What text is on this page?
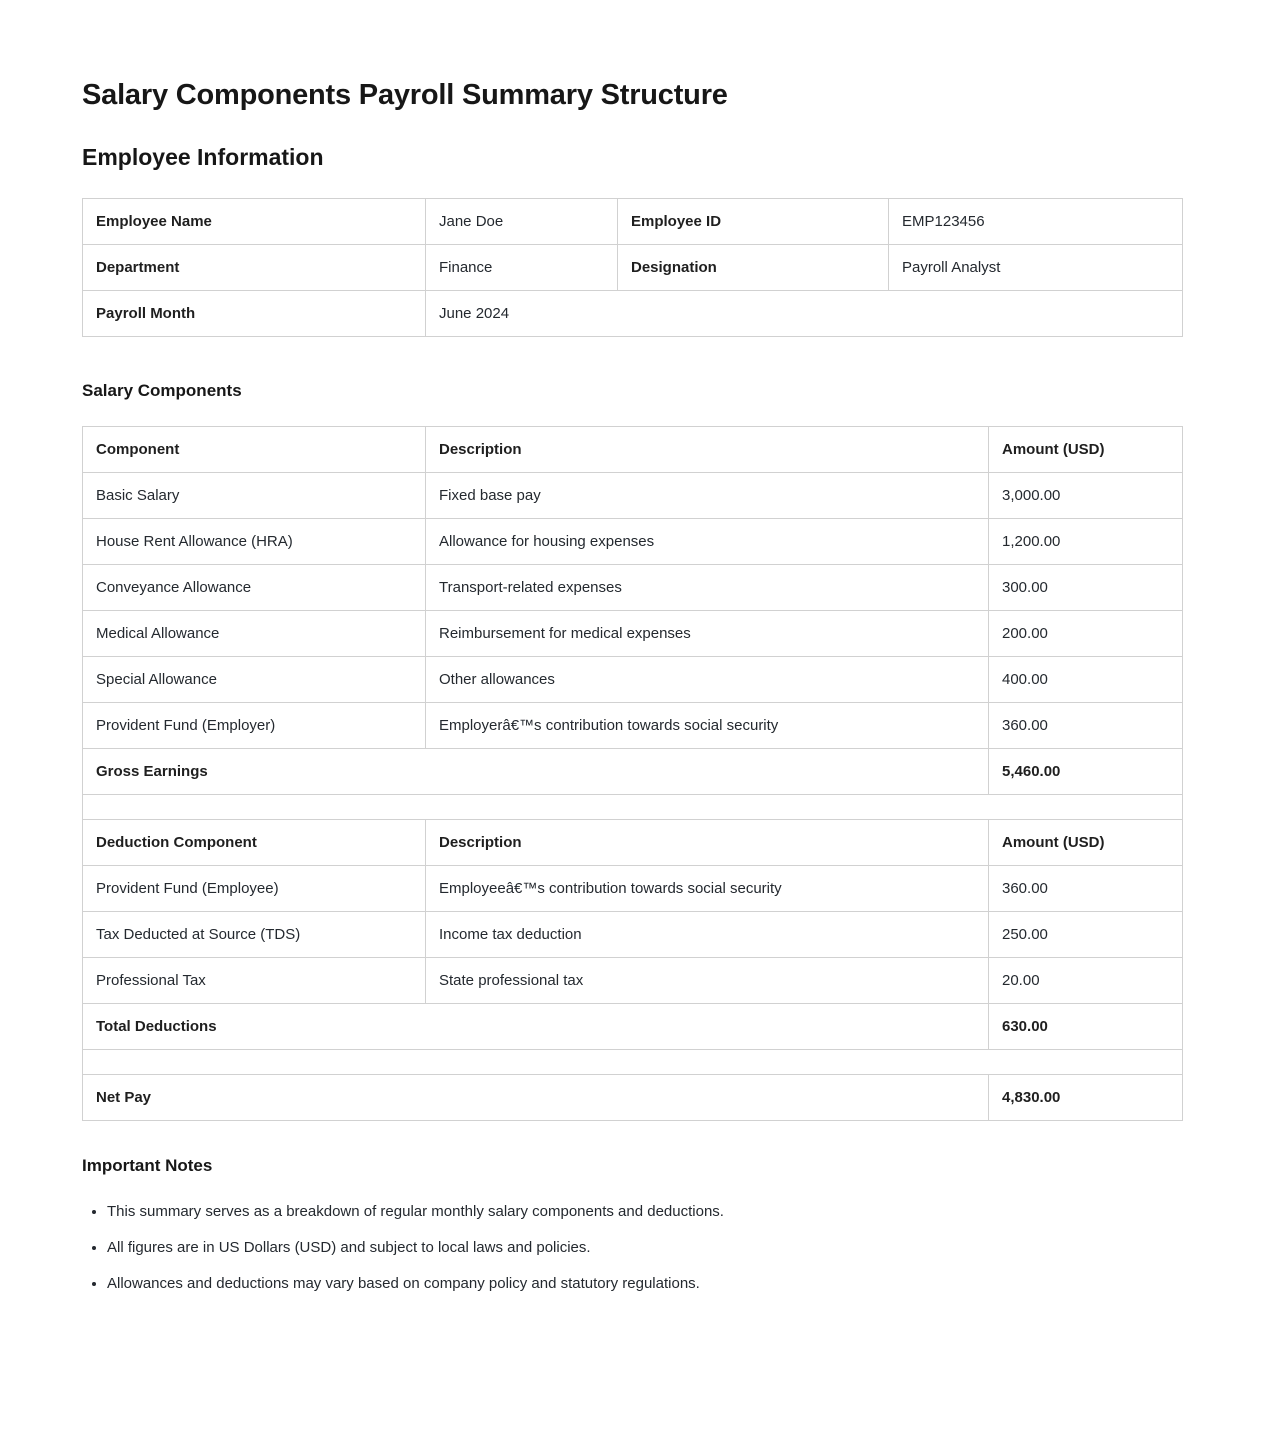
Salary Components Payroll Summary Structure
Employee Information
Employee Name	Jane Doe	Employee ID	EMP123456
Department	Finance	Designation	Payroll Analyst
Payroll Month	June 2024		
Salary Components
Component	Description	Amount (USD)
Basic Salary	Fixed base pay	3,000.00
House Rent Allowance (HRA)	Allowance for housing expenses	1,200.00
Conveyance Allowance	Transport-related expenses	300.00
Medical Allowance	Reimbursement for medical expenses	200.00
Special Allowance	Other allowances	400.00
Provident Fund (Employer)	Employerâ€™s contribution towards social security	360.00
Gross Earnings		5,460.00

Deduction Component	Description	Amount (USD)
Provident Fund (Employee)	Employeeâ€™s contribution towards social security	360.00
Tax Deducted at Source (TDS)	Income tax deduction	250.00
Professional Tax	State professional tax	20.00
Total Deductions		630.00

Net Pay		4,830.00
Important Notes
• This summary serves as a breakdown of regular monthly salary components and deductions.
• All figures are in US Dollars (USD) and subject to local laws and policies.
• Allowances and deductions may vary based on company policy and statutory regulations.
